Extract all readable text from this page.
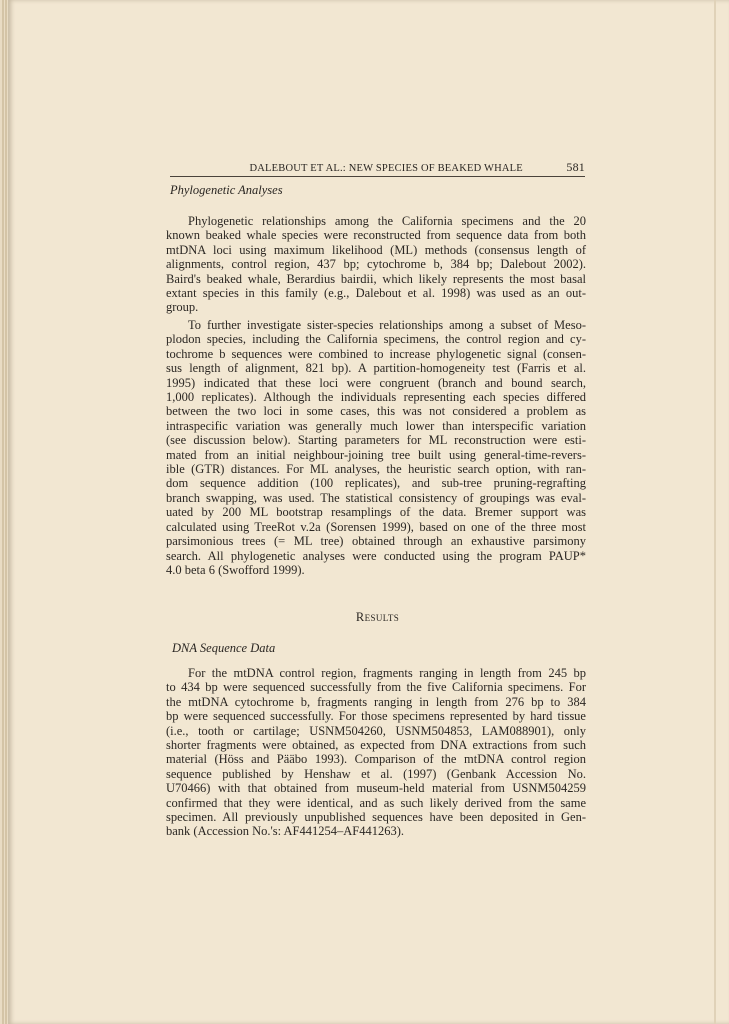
DALEBOUT ET AL.: NEW SPECIES OF BEAKED WHALE	581
Phylogenetic Analyses
Phylogenetic relationships among the California specimens and the 20
known beaked whale species were reconstructed from sequence data from both
mtDNA loci using maximum likelihood (ML) methods (consensus length of
alignments, control region, 437 bp; cytochrome b, 384 bp; Dalebout 2002).
Baird's beaked whale, Berardius bairdii, which likely represents the most basal
extant species in this family (e.g., Dalebout et al. 1998) was used as an out-
group.
To further investigate sister-species relationships among a subset of Meso-
plodon species, including the California specimens, the control region and cy-
tochrome b sequences were combined to increase phylogenetic signal (consen-
sus length of alignment, 821 bp). A partition-homogeneity test (Farris et al.
1995) indicated that these loci were congruent (branch and bound search,
1,000 replicates). Although the individuals representing each species differed
between the two loci in some cases, this was not considered a problem as
intraspecific variation was generally much lower than interspecific variation
(see discussion below). Starting parameters for ML reconstruction were esti-
mated from an initial neighbour-joining tree built using general-time-revers-
ible (GTR) distances. For ML analyses, the heuristic search option, with ran-
dom sequence addition (100 replicates), and sub-tree pruning-regrafting
branch swapping, was used. The statistical consistency of groupings was eval-
uated by 200 ML bootstrap resamplings of the data. Bremer support was
calculated using TreeRot v.2a (Sorensen 1999), based on one of the three most
parsimonious trees (= ML tree) obtained through an exhaustive parsimony
search. All phylogenetic analyses were conducted using the program PAUP*
4.0 beta 6 (Swofford 1999).
Results
DNA Sequence Data
For the mtDNA control region, fragments ranging in length from 245 bp
to 434 bp were sequenced successfully from the five California specimens. For
the mtDNA cytochrome b, fragments ranging in length from 276 bp to 384
bp were sequenced successfully. For those specimens represented by hard tissue
(i.e., tooth or cartilage; USNM504260, USNM504853, LAM088901), only
shorter fragments were obtained, as expected from DNA extractions from such
material (Höss and Pääbo 1993). Comparison of the mtDNA control region
sequence published by Henshaw et al. (1997) (Genbank Accession No.
U70466) with that obtained from museum-held material from USNM504259
confirmed that they were identical, and as such likely derived from the same
specimen. All previously unpublished sequences have been deposited in Gen-
bank (Accession No.'s: AF441254–AF441263).
